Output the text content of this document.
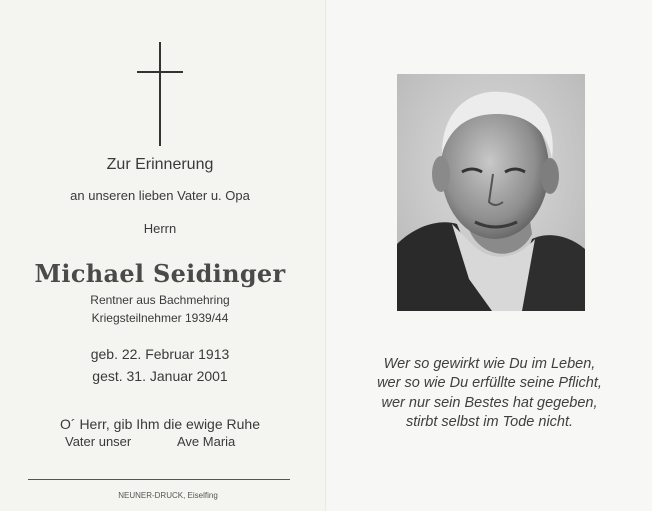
Zur Erinnerung
an unseren lieben Vater u. Opa
Herrn
Michael Seidinger
Rentner aus Bachmehring
Kriegsteilnehmer 1939/44
geb. 22. Februar 1913
gest. 31. Januar 2001
O´ Herr, gib Ihm die ewige Ruhe
Vater unser	Ave Maria
NEUNER-DRUCK, Eiselfing
Wer so gewirkt wie Du im Leben,
wer so wie Du erfüllte seine Pflicht,
wer nur sein Bestes hat gegeben,
stirbt selbst im Tode nicht.
